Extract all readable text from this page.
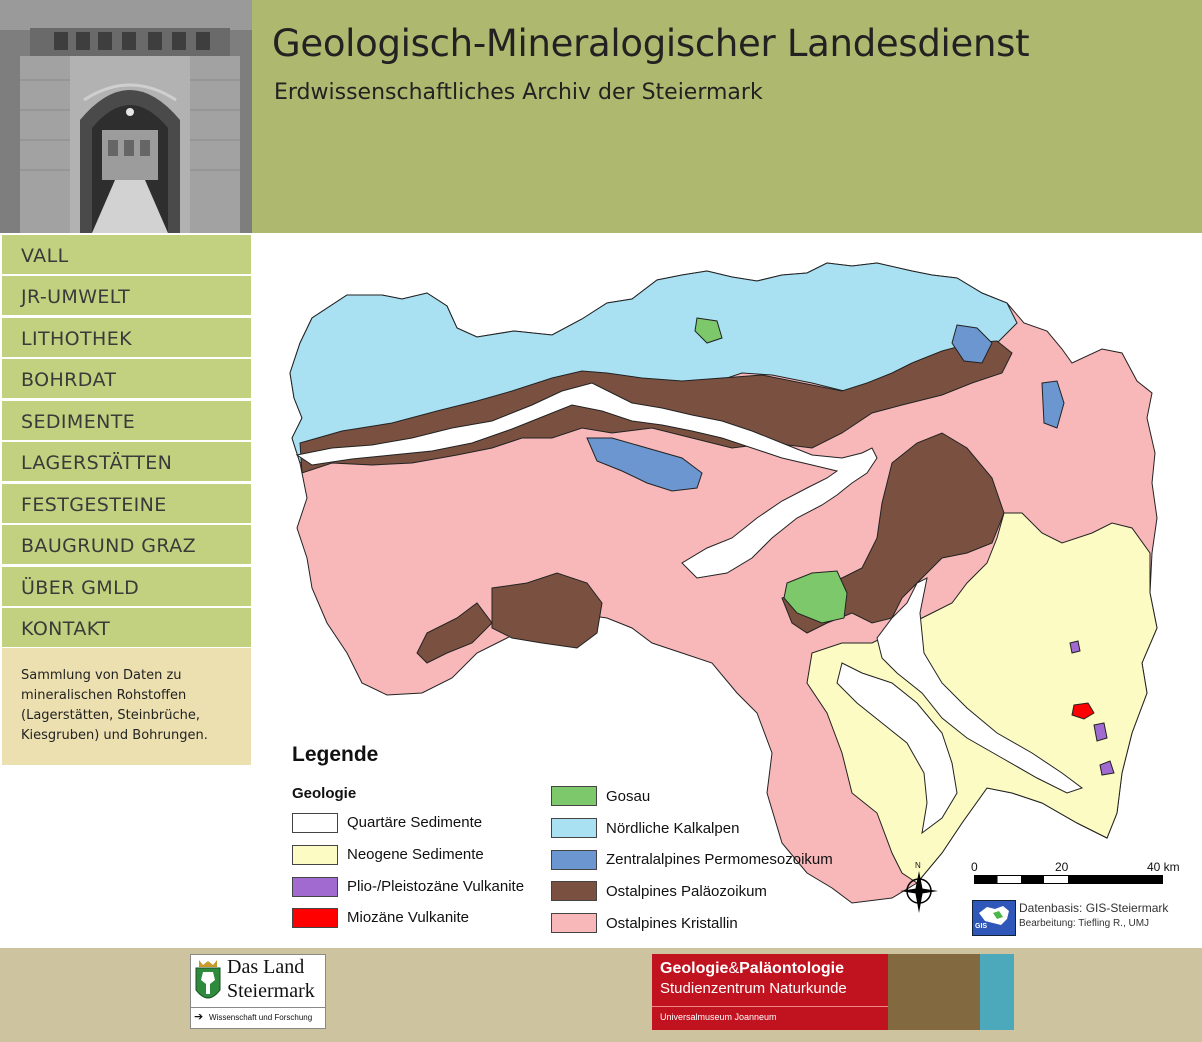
Geologisch-Mineralogischer Landesdienst
Erdwissenschaftliches Archiv der Steiermark
VALL
JR-UMWELT
LITHOTHEK
BOHRDAT
SEDIMENTE
LAGERSTÄTTEN
FESTGESTEINE
BAUGRUND GRAZ
ÜBER GMLD
KONTAKT
Sammlung von Daten zu mineralischen Rohstoffen (Lagerstätten, Steinbrüche, Kiesgruben) und Bohrungen.
Legende
Geologie
Quartäre Sedimente
Neogene Sedimente
Plio-/Pleistozäne Vulkanite
Miozäne Vulkanite
Gosau
Nördliche Kalkalpen
Zentralalpines Permomesozoikum
Ostalpines Paläozoikum
Ostalpines Kristallin
N	0	20	40 km
GIS
Datenbasis: GIS-Steiermark
Bearbeitung: Tiefling R., UMJ
Das Land
Steiermark
➔ Wissenschaft und Forschung
Geologie&Paläontologie
Studienzentrum Naturkunde
Universalmuseum Joanneum
